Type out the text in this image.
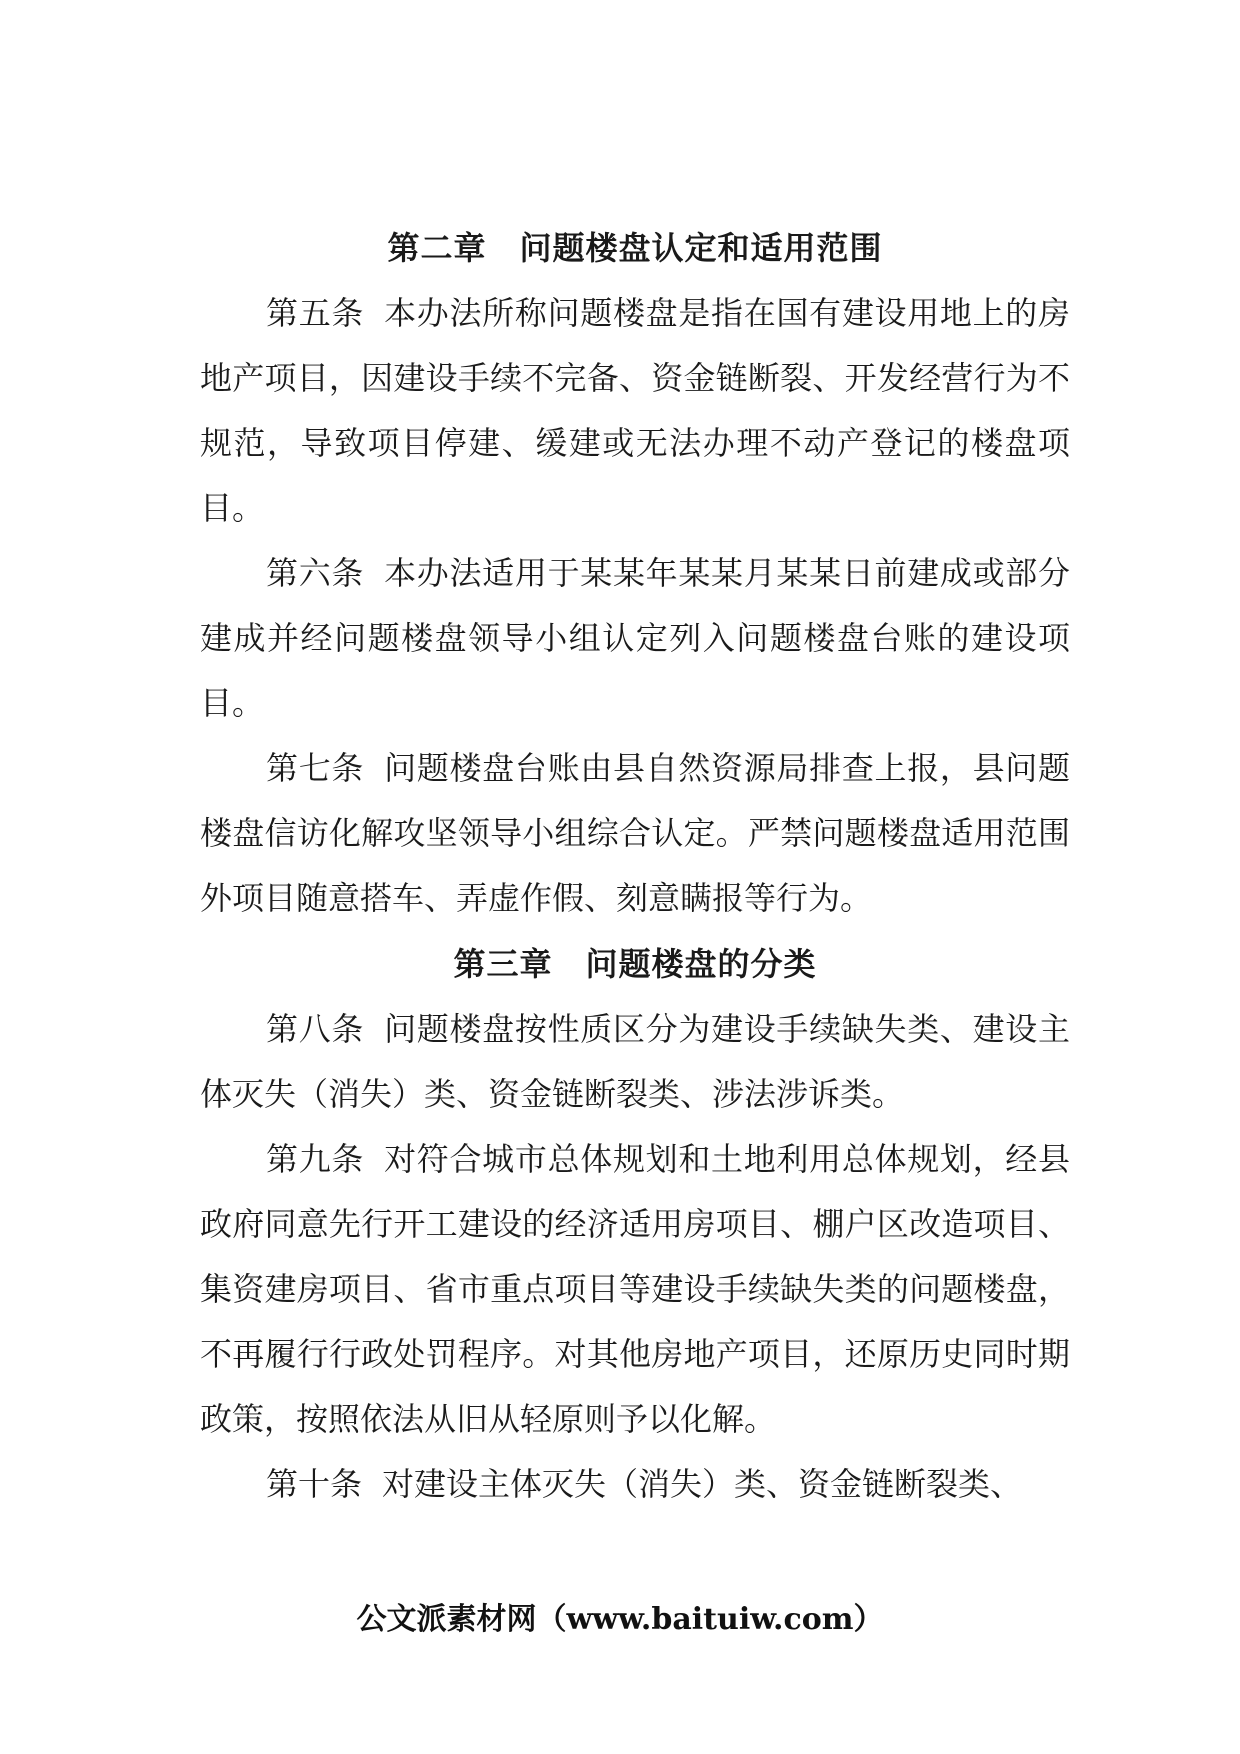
第二章　问题楼盘认定和适用范围

第五条 本办法所称问题楼盘是指在国有建设用地上的房地产项目，因建设手续不完备、资金链断裂、开发经营行为不规范，导致项目停建、缓建或无法办理不动产登记的楼盘项目。

第六条 本办法适用于某某年某某月某某日前建成或部分建成并经问题楼盘领导小组认定列入问题楼盘台账的建设项目。

第七条 问题楼盘台账由县自然资源局排查上报，县问题楼盘信访化解攻坚领导小组综合认定。严禁问题楼盘适用范围外项目随意搭车、弄虚作假、刻意瞒报等行为。

第三章　问题楼盘的分类

第八条 问题楼盘按性质区分为建设手续缺失类、建设主体灭失（消失）类、资金链断裂类、涉法涉诉类。

第九条 对符合城市总体规划和土地利用总体规划，经县政府同意先行开工建设的经济适用房项目、棚户区改造项目、集资建房项目、省市重点项目等建设手续缺失类的问题楼盘，不再履行行政处罚程序。对其他房地产项目，还原历史同时期政策，按照依法从旧从轻原则予以化解。

第十条 对建设主体灭失（消失）类、资金链断裂类、

公文派素材网（www.baituiw.com）
